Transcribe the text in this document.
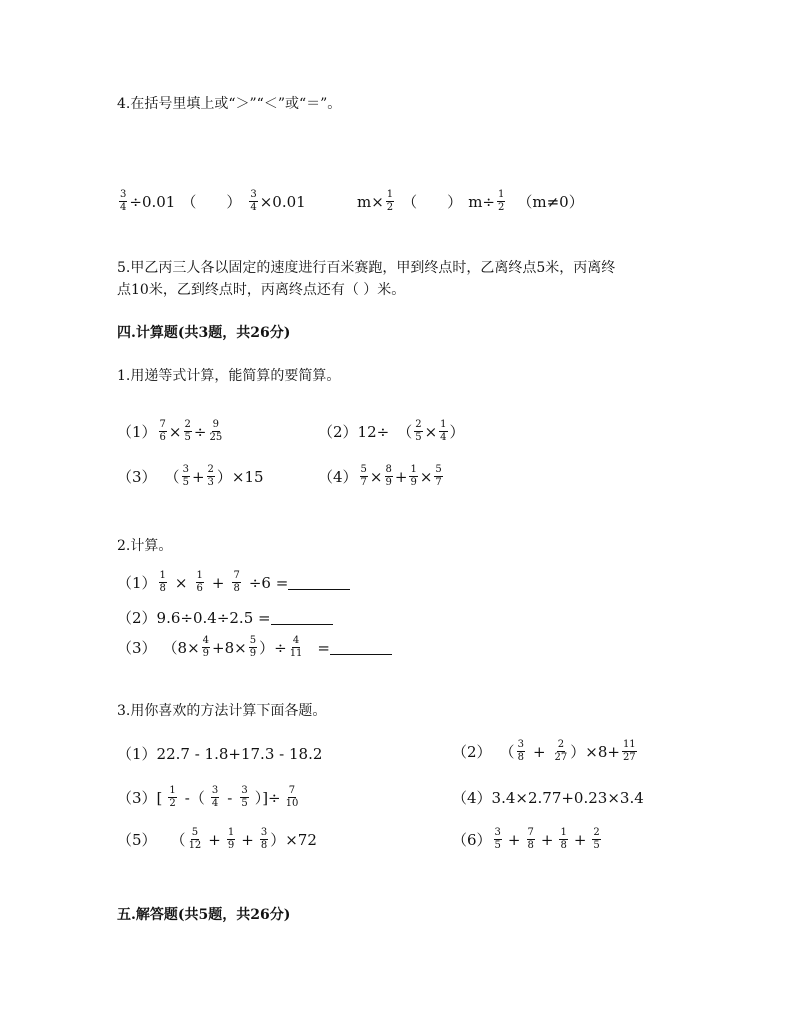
4.在括号里填上或“＞”“＜”或“＝”。
$\frac{3}{4} \div 0.01$ （　　） $\frac{3}{4} \times 0.01$	$m\times \frac{1}{2}$ （　　） $m\div \frac{1}{2} (m\ne 0)$
5.甲乙丙三人各以固定的速度进行百米赛跑，甲到终点时，乙离终点5米，丙离终
点10米，乙到终点时，丙离终点还有（ ）米。
四.计算题(共3题，共26分)
1.用递等式计算，能简算的要简算。
$(1) \frac{7}{6} \times \frac{2}{5} \div \frac{9}{25}$	（2） 12÷ （ $\frac{2}{5} \times \frac{1}{4}$ ）
（3） （ $\frac{3}{5} + \frac{2}{3}$ ） ×15	$(4) \frac{5}{7} \times \frac{8}{9} + \frac{1}{9} \times \frac{5}{7}$
2.计算。
$(1) \frac{1}{8} \times \frac{1}{6} + \frac{7}{8} \div 6$ =
（2） 9.6÷0.4÷2.5 =
（3） （$8\times \frac{4}{9} +8\times \frac{5}{9}$ ）÷ $\frac{4}{11}$ =
3.用你喜欢的方法计算下面各题。
（1） 22.7 - 1.8+17.3 - 18.2	（2） （ $\frac{3}{8} + \frac{2}{27} )\times 8+ \frac{11}{27}$
（3） [ $\frac{1}{2}$ -（ $\frac{3}{4} - \frac{3}{5}$ ）]÷ $\frac{7}{10}$	（4） 3.4×2.77+0.23×3.4
（5） （ $\frac{5}{12} + \frac{1}{9} + \frac{3}{8} )\times 72$	$(6) \frac{3}{5} + \frac{7}{8} + \frac{1}{8} + \frac{2}{5}$
五.解答题(共5题，共26分)
